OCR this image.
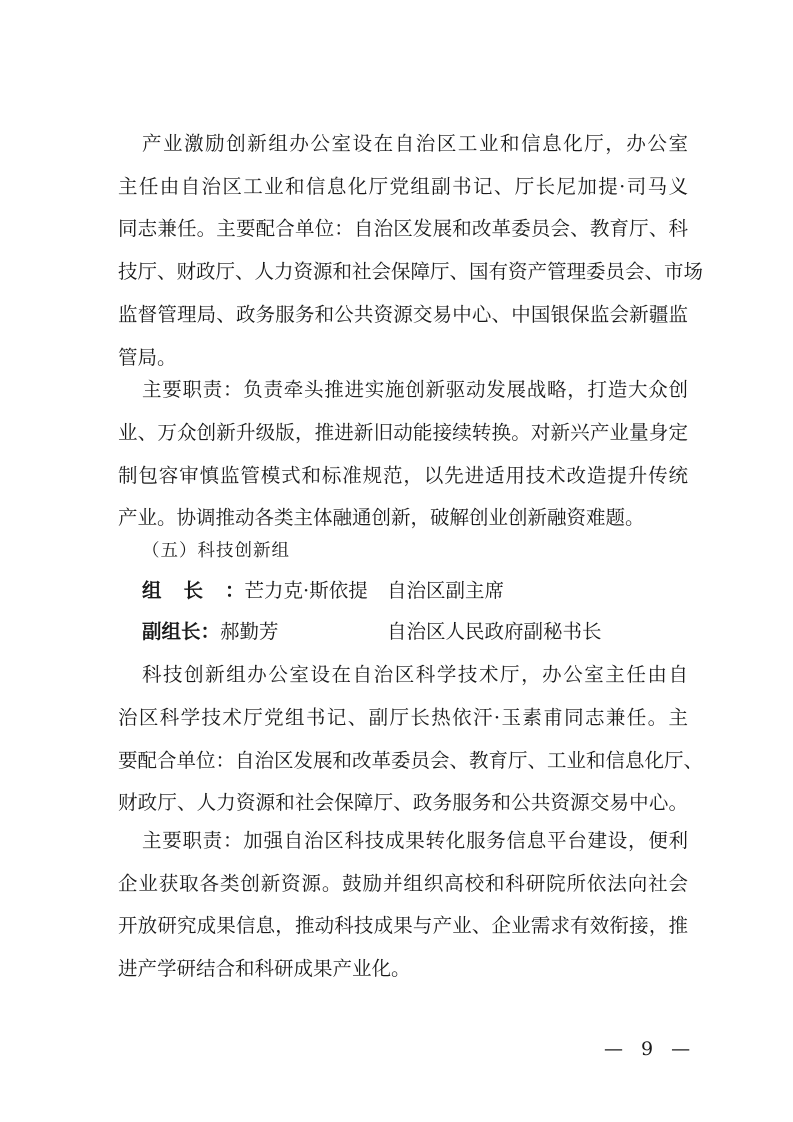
产业激励创新组办公室设在自治区工业和信息化厅，办公室
主任由自治区工业和信息化厅党组副书记、厅长尼加提·司马义
同志兼任。主要配合单位：自治区发展和改革委员会、教育厅、科
技厅、财政厅、人力资源和社会保障厅、国有资产管理委员会、市场
监督管理局、政务服务和公共资源交易中心、中国银保监会新疆监
管局。
主要职责：负责牵头推进实施创新驱动发展战略，打造大众创
业、万众创新升级版，推进新旧动能接续转换。对新兴产业量身定
制包容审慎监管模式和标准规范，以先进适用技术改造提升传统
产业。协调推动各类主体融通创新，破解创业创新融资难题。
（五）科技创新组
组长：芒力克·斯依提 自治区副主席
副组长：郝勤芳	自治区人民政府副秘书长
科技创新组办公室设在自治区科学技术厅，办公室主任由自
治区科学技术厅党组书记、副厅长热依汗·玉素甫同志兼任。主
要配合单位：自治区发展和改革委员会、教育厅、工业和信息化厅、
财政厅、人力资源和社会保障厅、政务服务和公共资源交易中心。
主要职责：加强自治区科技成果转化服务信息平台建设，便利
企业获取各类创新资源。鼓励并组织高校和科研院所依法向社会
开放研究成果信息，推动科技成果与产业、企业需求有效衔接，推
进产学研结合和科研成果产业化。
— 9 —
